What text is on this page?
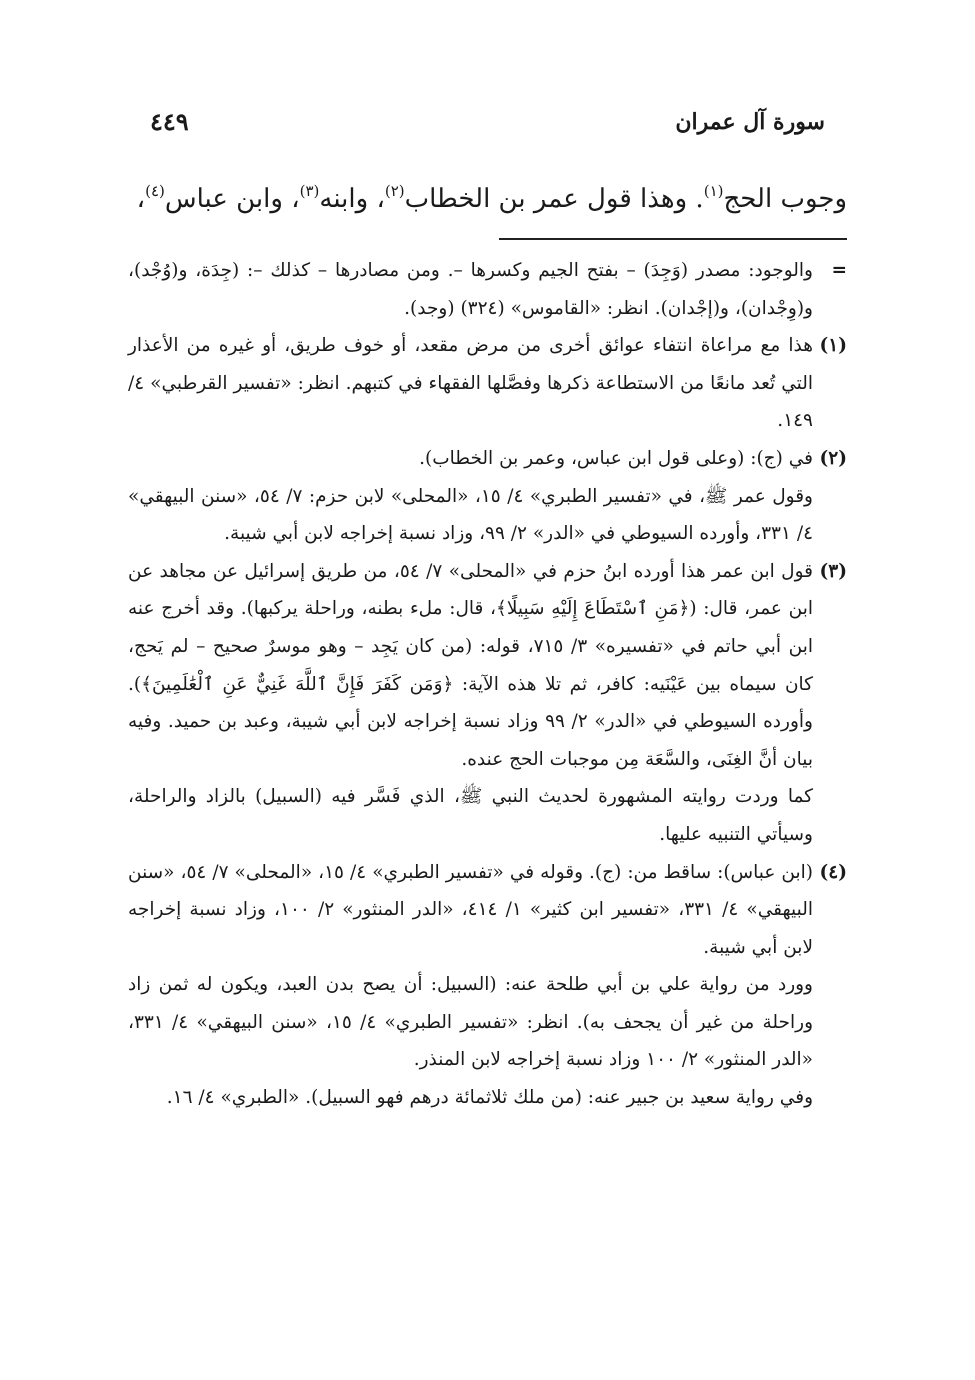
سورة آل عمران
٤٤٩
وجوب الحج$^{(١)}$. وهذا قول عمر بن الخطاب$^{(٢)}$، وابنه$^{(٣)}$، وابن عباس$^{(٤)}$،
=

والوجود: مصدر (وَجِدَ) – بفتح الجيم وكسرها –. ومن مصادرها – كذلك –: (جِدَة، و(وُجْد)، و(وِجْدان)، و(إجْدان). انظر: «القاموس» (٣٢٤) (وجد).

(١)

هذا مع مراعاة انتفاء عوائق أخرى من مرض مقعد، أو خوف طريق، أو غيره من الأعذار التي تُعد مانعًا من الاستطاعة ذكرها وفصَّلها الفقهاء في كتبهم. انظر: «تفسير القرطبي» ٤/ ١٤٩.

(٢)

في (ج): (وعلى قول ابن عباس، وعمر بن الخطاب).

وقول عمر ﷺ، في «تفسير الطبري» ٤/ ١٥، «المحلى» لابن حزم: ٧/ ٥٤، «سنن البيهقي» ٤/ ٣٣١، وأورده السيوطي في «الدر» ٢/ ٩٩، وزاد نسبة إخراجه لابن أبي شيبة.

(٣)

قول ابن عمر هذا أورده ابنُ حزم في «المحلى» ٧/ ٥٤، من طريق إسرائيل عن مجاهد عن ابن عمر، قال: (﴿مَنِ ٱسْتَطَاعَ إِلَيْهِ سَبِيلًا﴾، قال: ملء بطنه، وراحلة يركبها). وقد أخرج عنه ابن أبي حاتم في «تفسيره» ٣/ ٧١٥، قوله: (من كان يَجِد – وهو موسرٌ صحيح – لم يَحج، كان سيماه بين عَيْنَيه: كافر، ثم تلا هذه الآية: ﴿وَمَن كَفَرَ فَإِنَّ ٱللَّهَ غَنِيٌّ عَنِ ٱلْعَٰلَمِينَ﴾). وأورده السيوطي في «الدر» ٢/ ٩٩ وزاد نسبة إخراجه لابن أبي شيبة، وعبد بن حميد. وفيه بيان أنَّ الغِنَى، والسَّعَة مِن موجبات الحج عنده.

كما وردت روايته المشهورة لحديث النبي ﷺ، الذي فَسَّر فيه (السبيل) بالزاد والراحلة، وسيأتي التنبيه عليها.

(٤)

(ابن عباس): ساقط من: (ج). وقوله في «تفسير الطبري» ٤/ ١٥، «المحلى» ٧/ ٥٤، «سنن البيهقي» ٤/ ٣٣١، «تفسير ابن كثير» ١/ ٤١٤، «الدر المنثور» ٢/ ١٠٠، وزاد نسبة إخراجه لابن أبي شيبة.

وورد من رواية علي بن أبي طلحة عنه: (السبيل: أن يصح بدن العبد، ويكون له ثمن زاد وراحلة من غير أن يجحف به). انظر: «تفسير الطبري» ٤/ ١٥، «سنن البيهقي» ٤/ ٣٣١، «الدر المنثور» ٢/ ١٠٠ وزاد نسبة إخراجه لابن المنذر.

وفي رواية سعيد بن جبير عنه: (من ملك ثلاثمائة درهم فهو السبيل). «الطبري» ٤/ ١٦.
